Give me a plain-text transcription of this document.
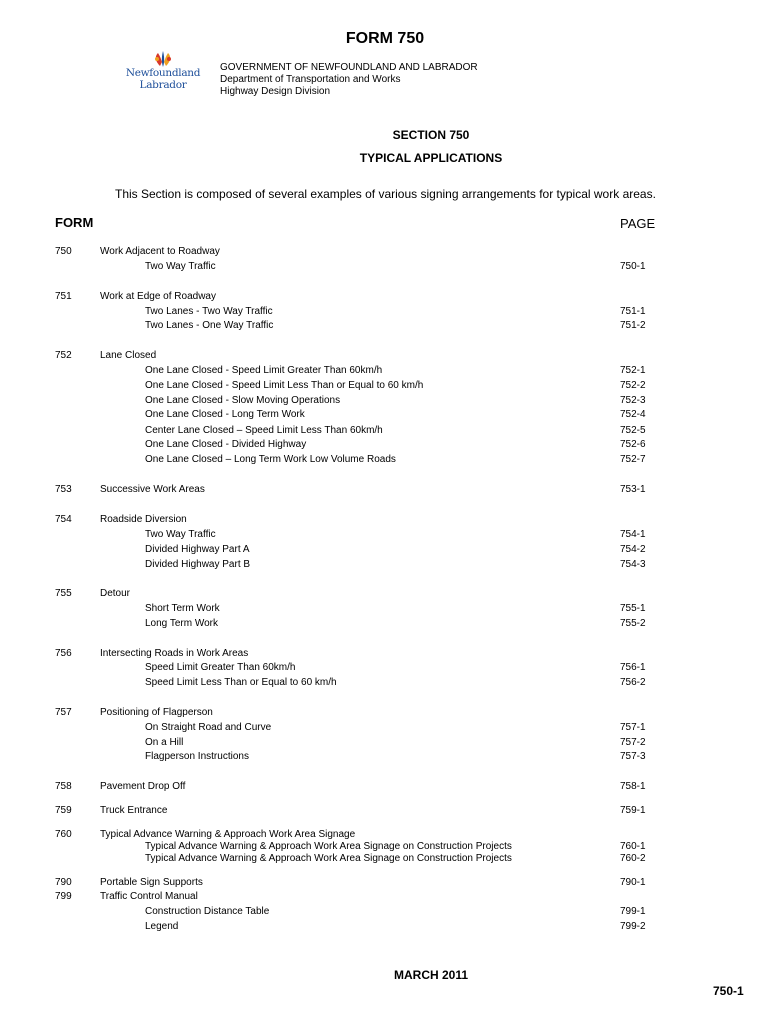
FORM 750
Newfoundland
Labrador
GOVERNMENT OF NEWFOUNDLAND AND LABRADOR
Department of Transportation and Works
Highway Design Division
SECTION 750
TYPICAL APPLICATIONS
This Section is composed of several examples of various signing arrangements for typical work areas.
FORM	PAGE
750	Work Adjacent to Roadway
Two Way Traffic	750-1
751	Work at Edge of Roadway
Two Lanes - Two Way Traffic	751-1
Two Lanes - One Way Traffic	751-2
752	Lane Closed
One Lane Closed - Speed Limit Greater Than 60km/h	752-1
One Lane Closed - Speed Limit Less Than or Equal to 60 km/h	752-2
One Lane Closed - Slow Moving Operations	752-3
One Lane Closed - Long Term Work	752-4
Center Lane Closed – Speed Limit Less Than 60km/h	752-5
One Lane Closed - Divided Highway	752-6
One Lane Closed – Long Term Work Low Volume Roads	752-7
753	Successive Work Areas	753-1
754	Roadside Diversion
Two Way Traffic	754-1
Divided Highway Part A	754-2
Divided Highway Part B	754-3
755	Detour
Short Term Work	755-1
Long Term Work	755-2
756	Intersecting Roads in Work Areas
Speed Limit Greater Than 60km/h	756-1
Speed Limit Less Than or Equal to 60 km/h	756-2
757	Positioning of Flagperson
On Straight Road and Curve	757-1
On a Hill	757-2
Flagperson Instructions	757-3
758	Pavement Drop Off	758-1
759	Truck Entrance	759-1
760	Typical Advance Warning & Approach Work Area Signage
Typical Advance Warning & Approach Work Area Signage on Construction Projects	760-1
Typical Advance Warning & Approach Work Area Signage on Construction Projects	760-2
790	Portable Sign Supports	790-1
799	Traffic Control Manual
Construction Distance Table	799-1
Legend	799-2
MARCH 2011
750-1
